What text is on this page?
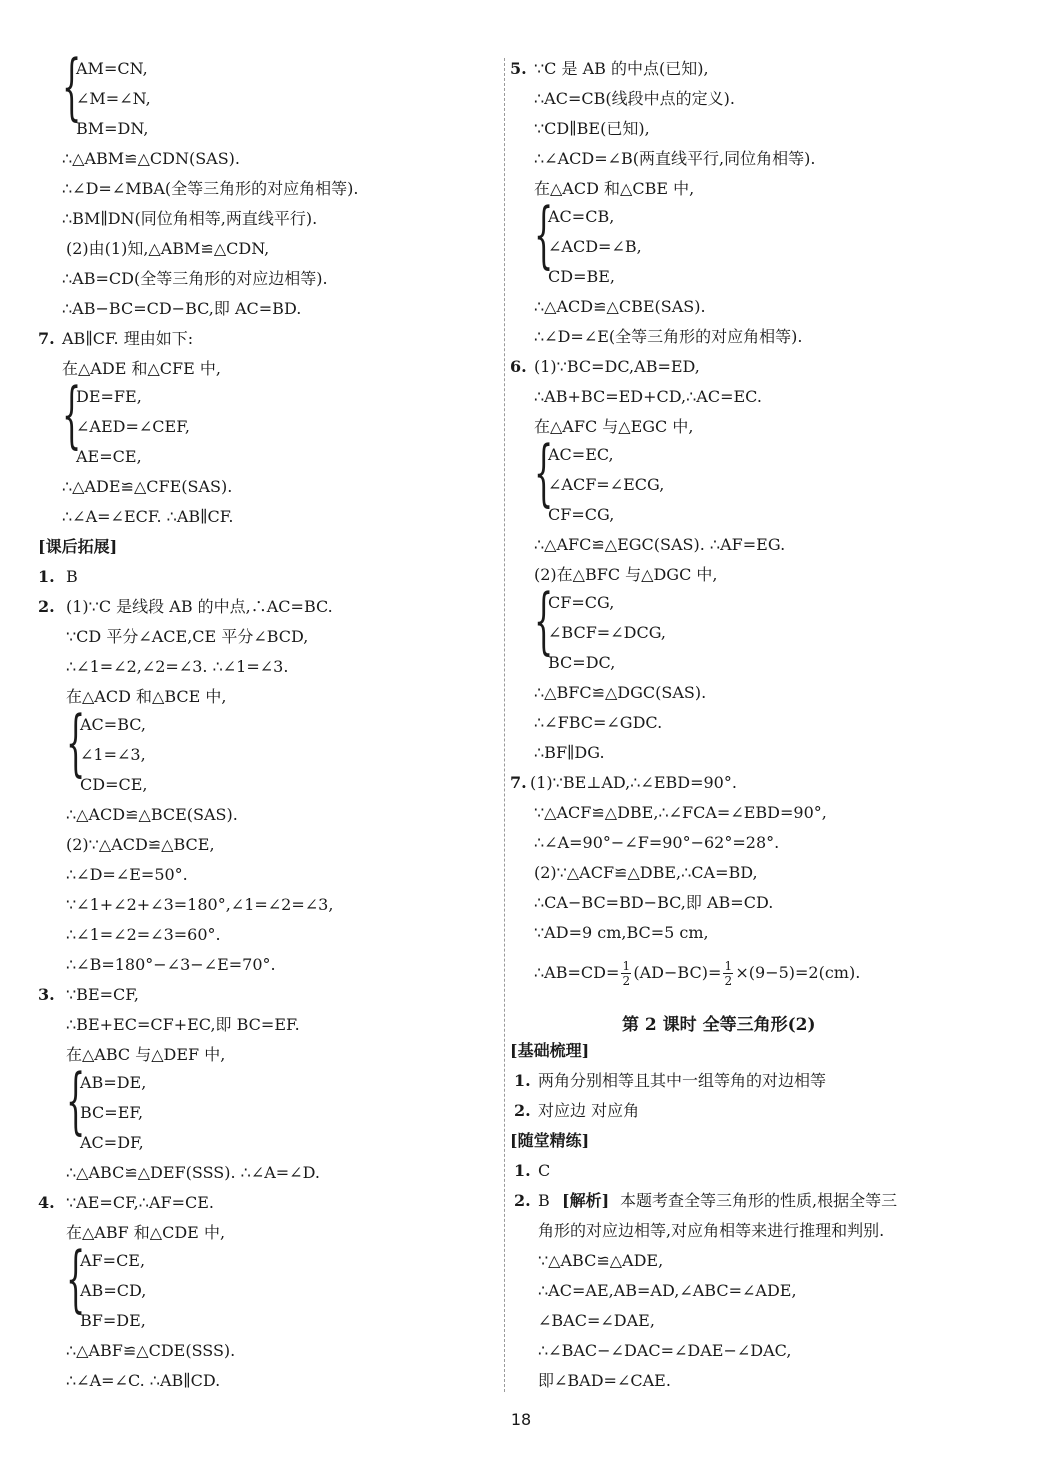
{
AM=CN,
∠M=∠N,
BM=DN,
∴△ABM≌△CDN(SAS).
∴∠D=∠MBA(全等三角形的对应角相等).
∴BM∥DN(同位角相等,两直线平行).
(2)由(1)知,△ABM≌△CDN,
∴AB=CD(全等三角形的对应边相等).
∴AB−BC=CD−BC,即 AC=BD.
7. AB∥CF. 理由如下:
在△ADE 和△CFE 中,
{
DE=FE,
∠AED=∠CEF,
AE=CE,
∴△ADE≌△CFE(SAS).
∴∠A=∠ECF. ∴AB∥CF.
[课后拓展]
1. B
2. (1)∵C 是线段 AB 的中点,∴AC=BC.
∵CD 平分∠ACE,CE 平分∠BCD,
∴∠1=∠2,∠2=∠3. ∴∠1=∠3.
在△ACD 和△BCE 中,
{
AC=BC,
∠1=∠3,
CD=CE,
∴△ACD≌△BCE(SAS).
(2)∵△ACD≌△BCE,
∴∠D=∠E=50°.
∵∠1+∠2+∠3=180°,∠1=∠2=∠3,
∴∠1=∠2=∠3=60°.
∴∠B=180°−∠3−∠E=70°.
3. ∵BE=CF,
∴BE+EC=CF+EC,即 BC=EF.
在△ABC 与△DEF 中,
{
AB=DE,
BC=EF,
AC=DF,
∴△ABC≌△DEF(SSS). ∴∠A=∠D.
4. ∵AE=CF,∴AF=CE.
在△ABF 和△CDE 中,
{
AF=CE,
AB=CD,
BF=DE,
∴△ABF≌△CDE(SSS).
∴∠A=∠C. ∴AB∥CD.
5. ∵C 是 AB 的中点(已知),
∴AC=CB(线段中点的定义).
∵CD∥BE(已知),
∴∠ACD=∠B(两直线平行,同位角相等).
在△ACD 和△CBE 中,
{
AC=CB,
∠ACD=∠B,
CD=BE,
∴△ACD≌△CBE(SAS).
∴∠D=∠E(全等三角形的对应角相等).
6. (1)∵BC=DC,AB=ED,
∴AB+BC=ED+CD,∴AC=EC.
在△AFC 与△EGC 中,
{
AC=EC,
∠ACF=∠ECG,
CF=CG,
∴△AFC≌△EGC(SAS). ∴AF=EG.
(2)在△BFC 与△DGC 中,
{
CF=CG,
∠BCF=∠DCG,
BC=DC,
∴△BFC≌△DGC(SAS).
∴∠FBC=∠GDC.
∴BF∥DG.
7. (1)∵BE⊥AD,∴∠EBD=90°.
∵△ACF≌△DBE,∴∠FCA=∠EBD=90°,
∴∠A=90°−∠F=90°−62°=28°.
(2)∵△ACF≌△DBE,∴CA=BD,
∴CA−BC=BD−BC,即 AB=CD.
∵AD=9 cm,BC=5 cm,
∴AB=CD= $\frac{1}{2} (AD-BC)= \frac{1}{2} \times(9-5)=2(cm)$.
第 2 课时 全等三角形(2)
[基础梳理]
1. 两角分别相等且其中一组等角的对边相等
2. 对应边 对应角
[随堂精练]
1. C
2. B [解析] 本题考查全等三角形的性质,根据全等三
角形的对应边相等,对应角相等来进行推理和判别.
∵△ABC≌△ADE,
∴AC=AE,AB=AD,∠ABC=∠ADE,
∠BAC=∠DAE,
∴∠BAC−∠DAC=∠DAE−∠DAC,
即∠BAD=∠CAE.
18
